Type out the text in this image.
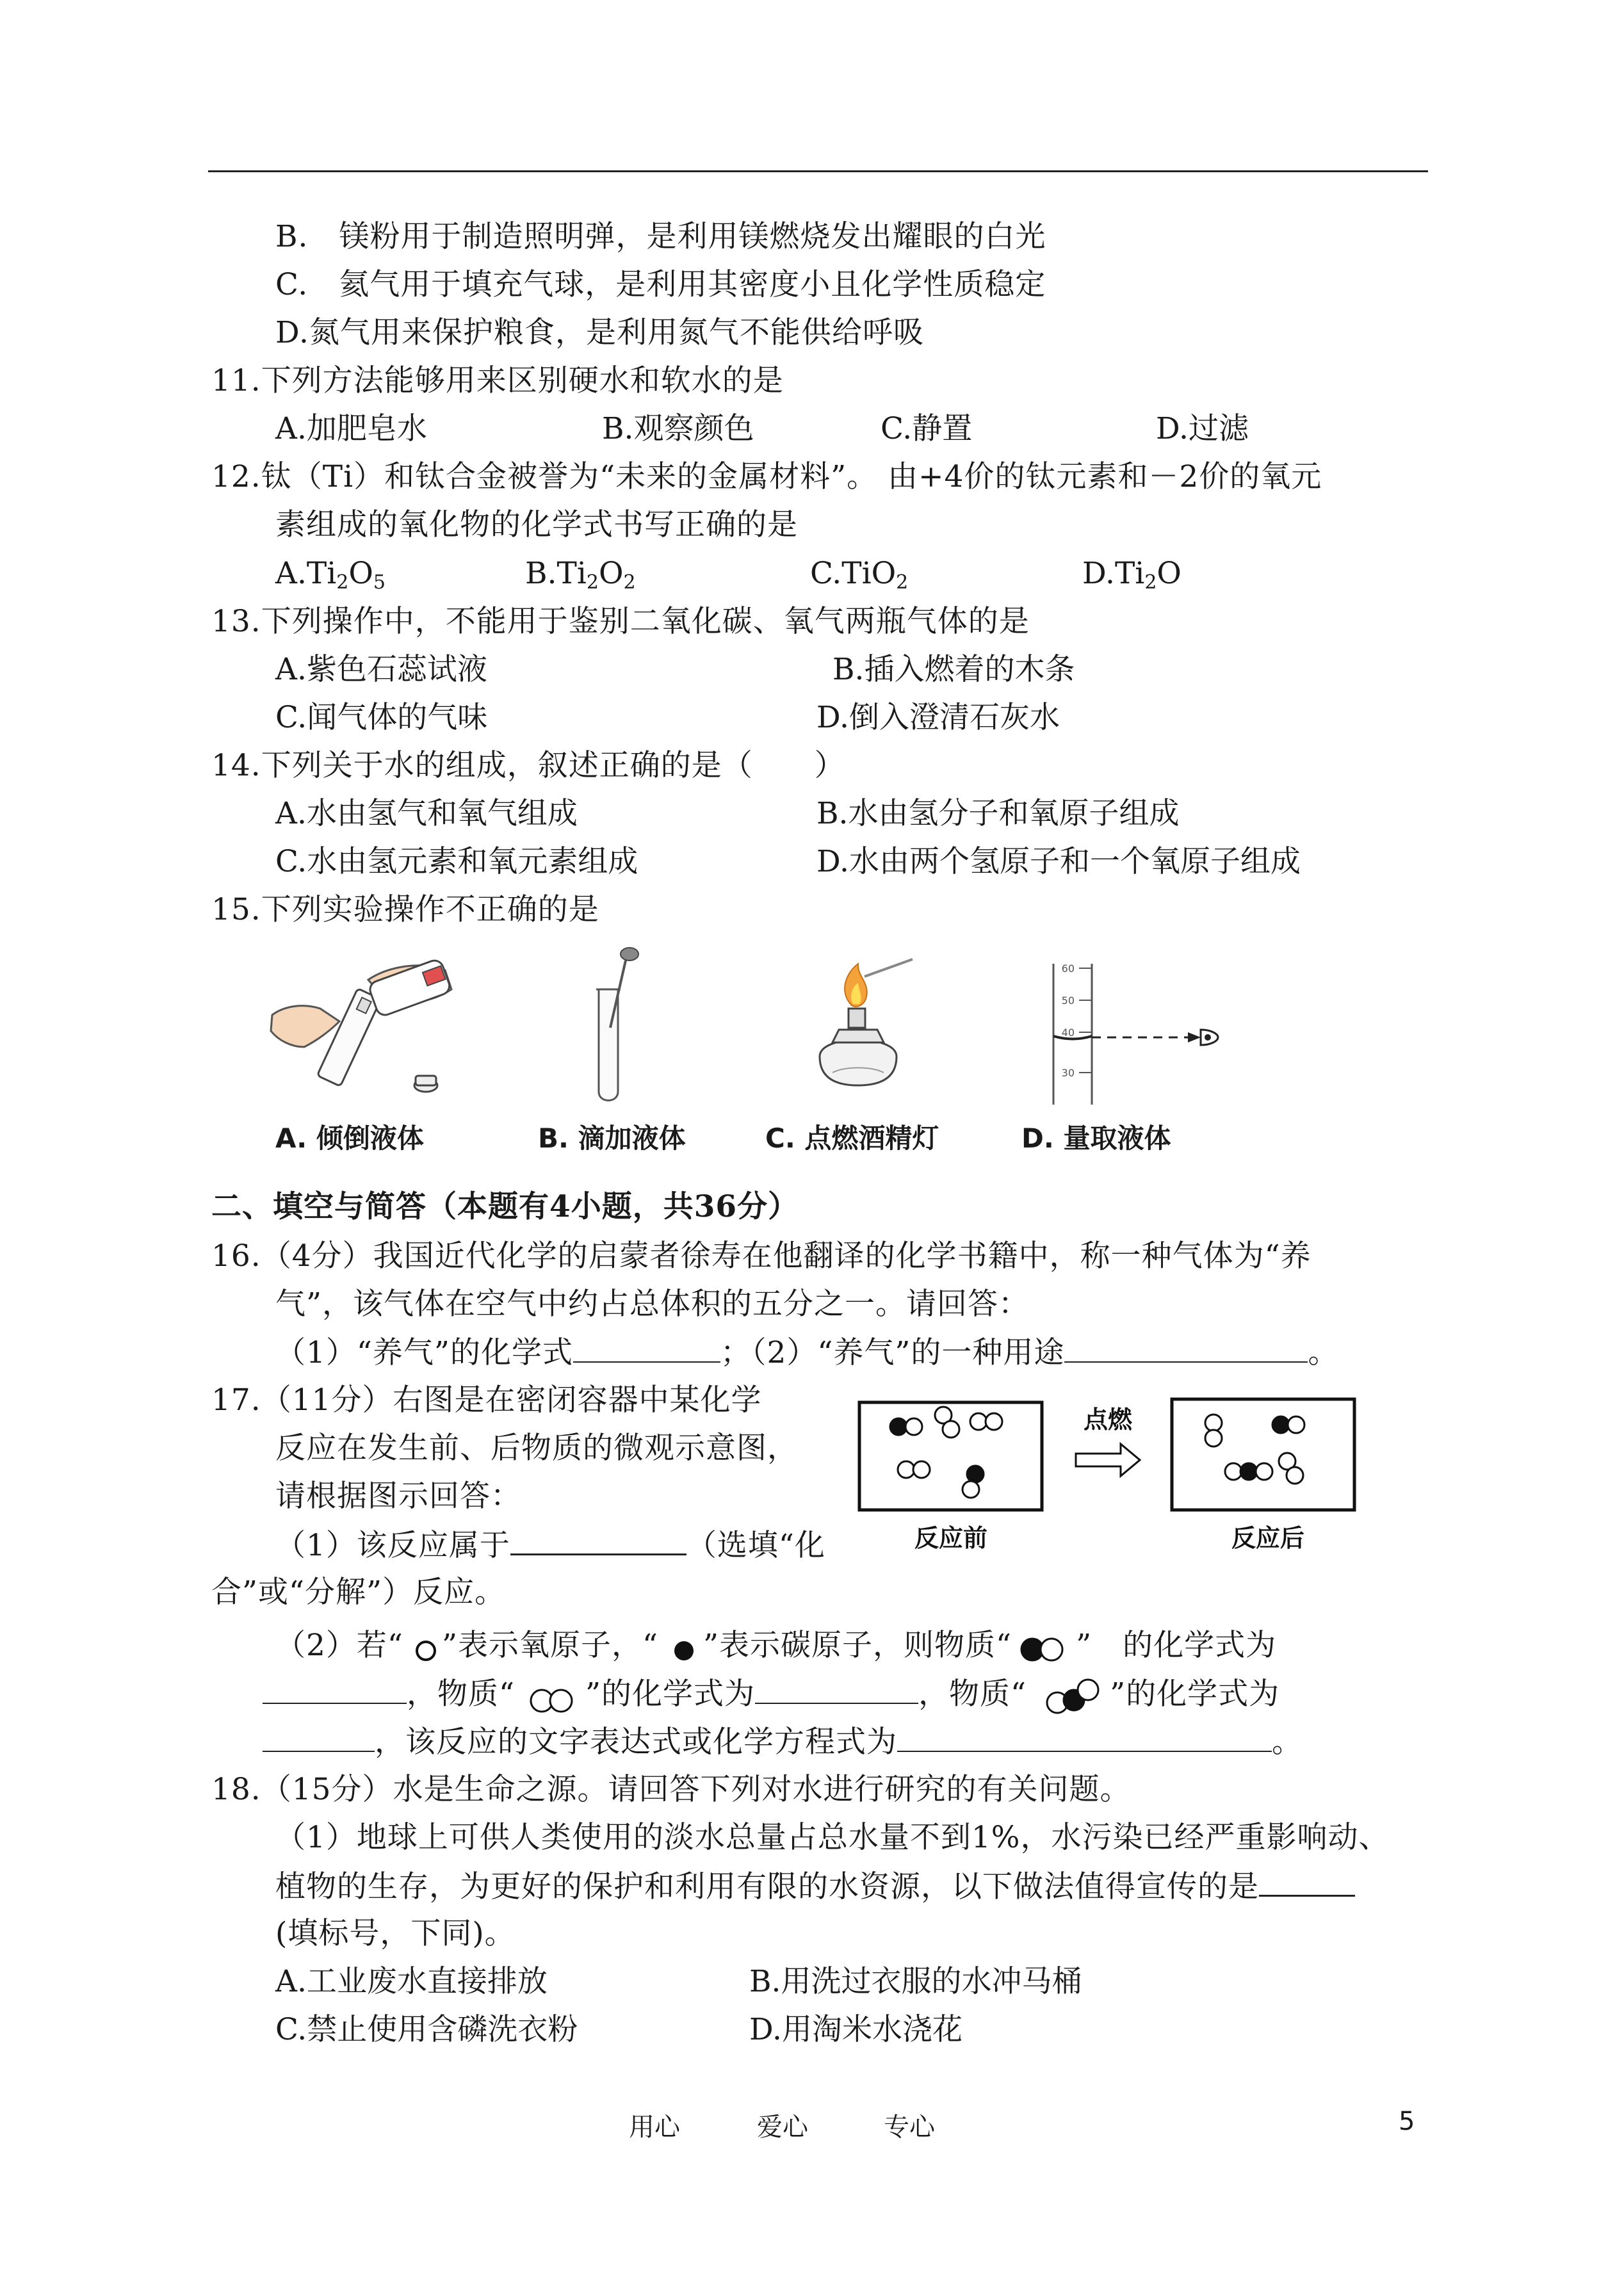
B.　镁粉用于制造照明弹，是利用镁燃烧发出耀眼的白光
C.　氦气用于填充气球，是利用其密度小且化学性质稳定
D.氮气用来保护粮食，是利用氮气不能供给呼吸
11.下列方法能够用来区别硬水和软水的是
A.加肥皂水	B.观察颜色	C.静置	D.过滤
12.钛（Ti）和钛合金被誉为“未来的金属材料”。 由+4价的钛元素和－2价的氧元
素组成的氧化物的化学式书写正确的是
$A.Ti_2O_5$	$B.Ti_2O_2$	C.TiO$_2$	$D.Ti_2O$
13.下列操作中，不能用于鉴别二氧化碳、氧气两瓶气体的是
A.紫色石蕊试液	B.插入燃着的木条
C.闻气体的气味	D.倒入澄清石灰水
14.下列关于水的组成，叙述正确的是（　　）
A.水由氢气和氧气组成	B.水由氢分子和氧原子组成
C.水由氢元素和氧元素组成	D.水由两个氢原子和一个氧原子组成
15.下列实验操作不正确的是
60
50
40
30
A. 倾倒液体	B. 滴加液体	C. 点燃酒精灯	D. 量取液体
二、填空与简答（本题有4小题，共36分）
16.（4分）我国近代化学的启蒙者徐寿在他翻译的化学书籍中，称一种气体为“养
气”，该气体在空气中约占总体积的五分之一。请回答：
（1）“养气”的化学式	；（2）“养气”的一种用途	。
17.（11分）右图是在密闭容器中某化学
反应在发生前、后物质的微观示意图，
请根据图示回答：
（1）该反应属于	（选填“化
合”或“分解”）反应。
点燃
反应前	反应后
（2）若“ ”表示氧原子，“ ”表示碳原子，则物质“ ”　的化学式为
，物质“ ”的化学式为	，物质“	”的化学式为
，该反应的文字表达式或化学方程式为	。
18.（15分）水是生命之源。请回答下列对水进行研究的有关问题。
（1）地球上可供人类使用的淡水总量占总水量不到1%，水污染已经严重影响动、
植物的生存，为更好的保护和利用有限的水资源，以下做法值得宣传的是
(填标号，下同)。
A.工业废水直接排放	B.用洗过衣服的水冲马桶
C.禁止使用含磷洗衣粉	D.用淘米水浇花
用心	爱心	专心	5
